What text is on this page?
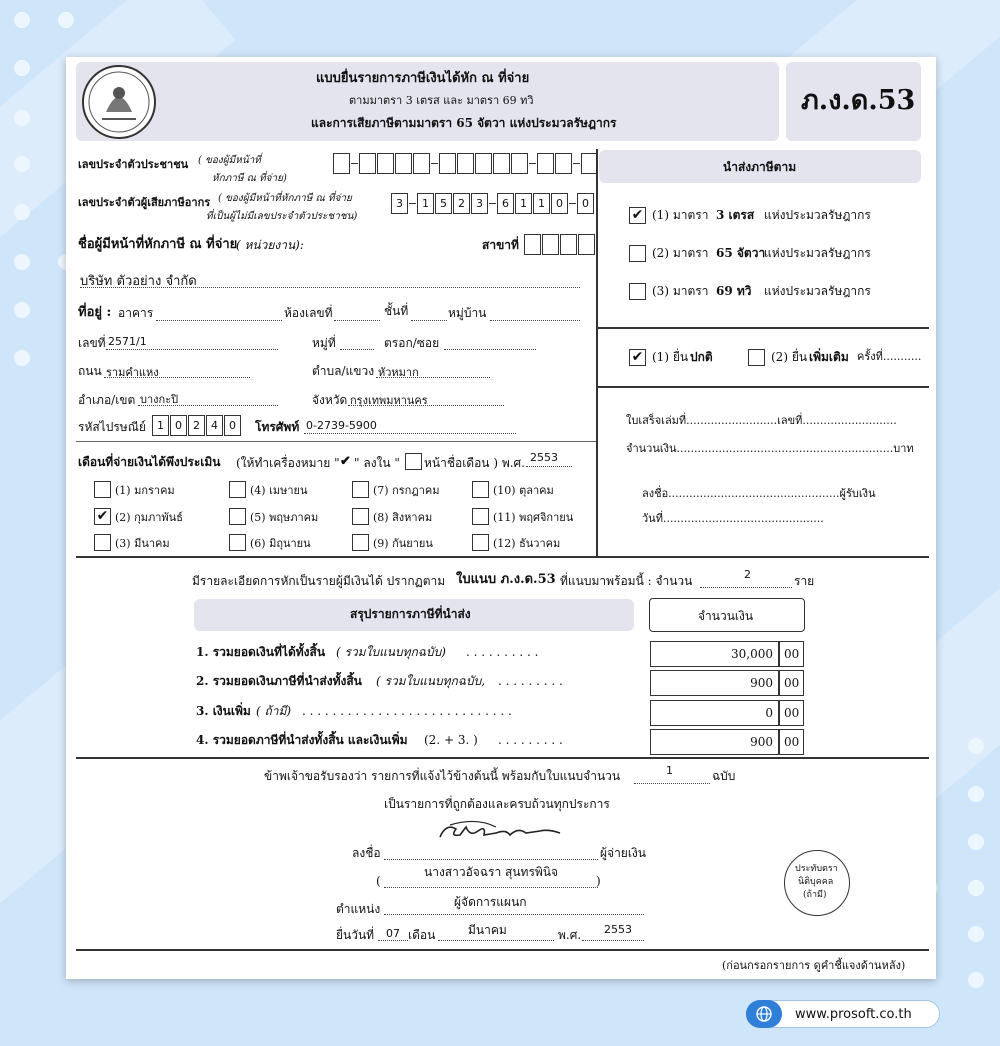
แบบยื่นรายการภาษีเงินได้หัก ณ ที่จ่าย
ตามมาตรา 3 เตรส และ มาตรา 69 ทวิ
และการเสียภาษีตามมาตรา 65 จัตวา แห่งประมวลรัษฎากร
ภ.ง.ด.53
เลขประจำตัวประชาชน ( ของผู้มีหน้าที่
หักภาษี ณ ที่จ่าย)
เลขประจำตัวผู้เสียภาษีอากร ( ของผู้มีหน้าที่หักภาษี ณ ที่จ่าย
ที่เป็นผู้ไม่มีเลขประจำตัวประชาชน)
3	1	5	2	3	6	1	1	0	0
ชื่อผู้มีหน้าที่หักภาษี ณ ที่จ่าย
( หน่วยงาน):	สาขาที่
บริษัท ตัวอย่าง จำกัด
ที่อยู่ : อาคาร	ห้องเลขที่	ชั้นที่	หมู่บ้าน
เลขที่ 2571/1	หมู่ที่	ตรอก/ซอย
ถนน รามคำแหง	ตำบล/แขวง หัวหมาก
อำเภอ/เขต บางกะปิ	จังหวัด กรุงเทพมหานคร
รหัสไปรษณีย์	1	0	2	4	0	โทรศัพท์ 0-2739-5900
เดือนที่จ่ายเงินได้พึงประเมิน (ให้ทำเครื่องหมาย " ✔ " ลงใน " หน้าชื่อเดือน ) พ.ศ. 2553
(1) มกราคม
✔ (2) กุมภาพันธ์
(3) มีนาคม
(4) เมษายน
(5) พฤษภาคม
(6) มิถุนายน
(7) กรกฎาคม
(8) สิงหาคม
(9) กันยายน
(10) ตุลาคม
(11) พฤศจิกายน
(12) ธันวาคม
นำส่งภาษีตาม
✔ (1) มาตรา 3 เตรส แห่งประมวลรัษฎากร
(2) มาตรา 65 จัตวา
แห่งประมวลรัษฎากร
(3) มาตรา 69 ทวิ แห่งประมวลรัษฎากร
✔ (1) ยื่น ปกติ	(2) ยื่น เพิ่มเติม ครั้งที่...........
ใบเสร็จเล่มที่..........................เลขที่...........................
จำนวนเงิน..............................................................บาท
ลงชื่อ.................................................ผู้รับเงิน
วันที่..............................................
มีรายละเอียดการหักเป็นรายผู้มีเงินได้ ปรากฏตาม ใบแนบ ภ.ง.ด.53 ที่แนบมาพร้อมนี้ : จำนวน	2	ราย
สรุปรายการภาษีที่นำส่ง	จำนวนเงิน
1. รวมยอดเงินที่ได้ทั้งสิ้น ( รวมใบแนบทุกฉบับ) . . . . . . . . . .	30,000 00
2. รวมยอดเงินภาษีที่นำส่งทั้งสิ้น ( รวมใบแนบทุกฉบับ, . . . . . . . . .	900 00
3. เงินเพิ่ม ( ถ้ามี) . . . . . . . . . . . . . . . . . . . . . . . . . . . .	0 00
4. รวมยอดภาษีที่นำส่งทั้งสิ้น และเงินเพิ่ม (2. + 3. ) . . . . . . . . .	900 00
ข้าพเจ้าขอรับรองว่า รายการที่แจ้งไว้ข้างต้นนี้ พร้อมกับใบแนบจำนวน	1	ฉบับ
เป็นรายการที่ถูกต้องและครบถ้วนทุกประการ
ลงชื่อ	ผู้จ่ายเงิน
นางสาวอัจฉรา สุนทรพินิจ
(	)
ตำแหน่ง	ผู้จัดการแผนก
ยื่นวันที่ 07 เดือน	มีนาคม	พ.ศ. 2553
ประทับตรา
นิติบุคคล
(ถ้ามี)
(ก่อนกรอกรายการ ดูคำชี้แจงด้านหลัง)
www.prosoft.co.th
